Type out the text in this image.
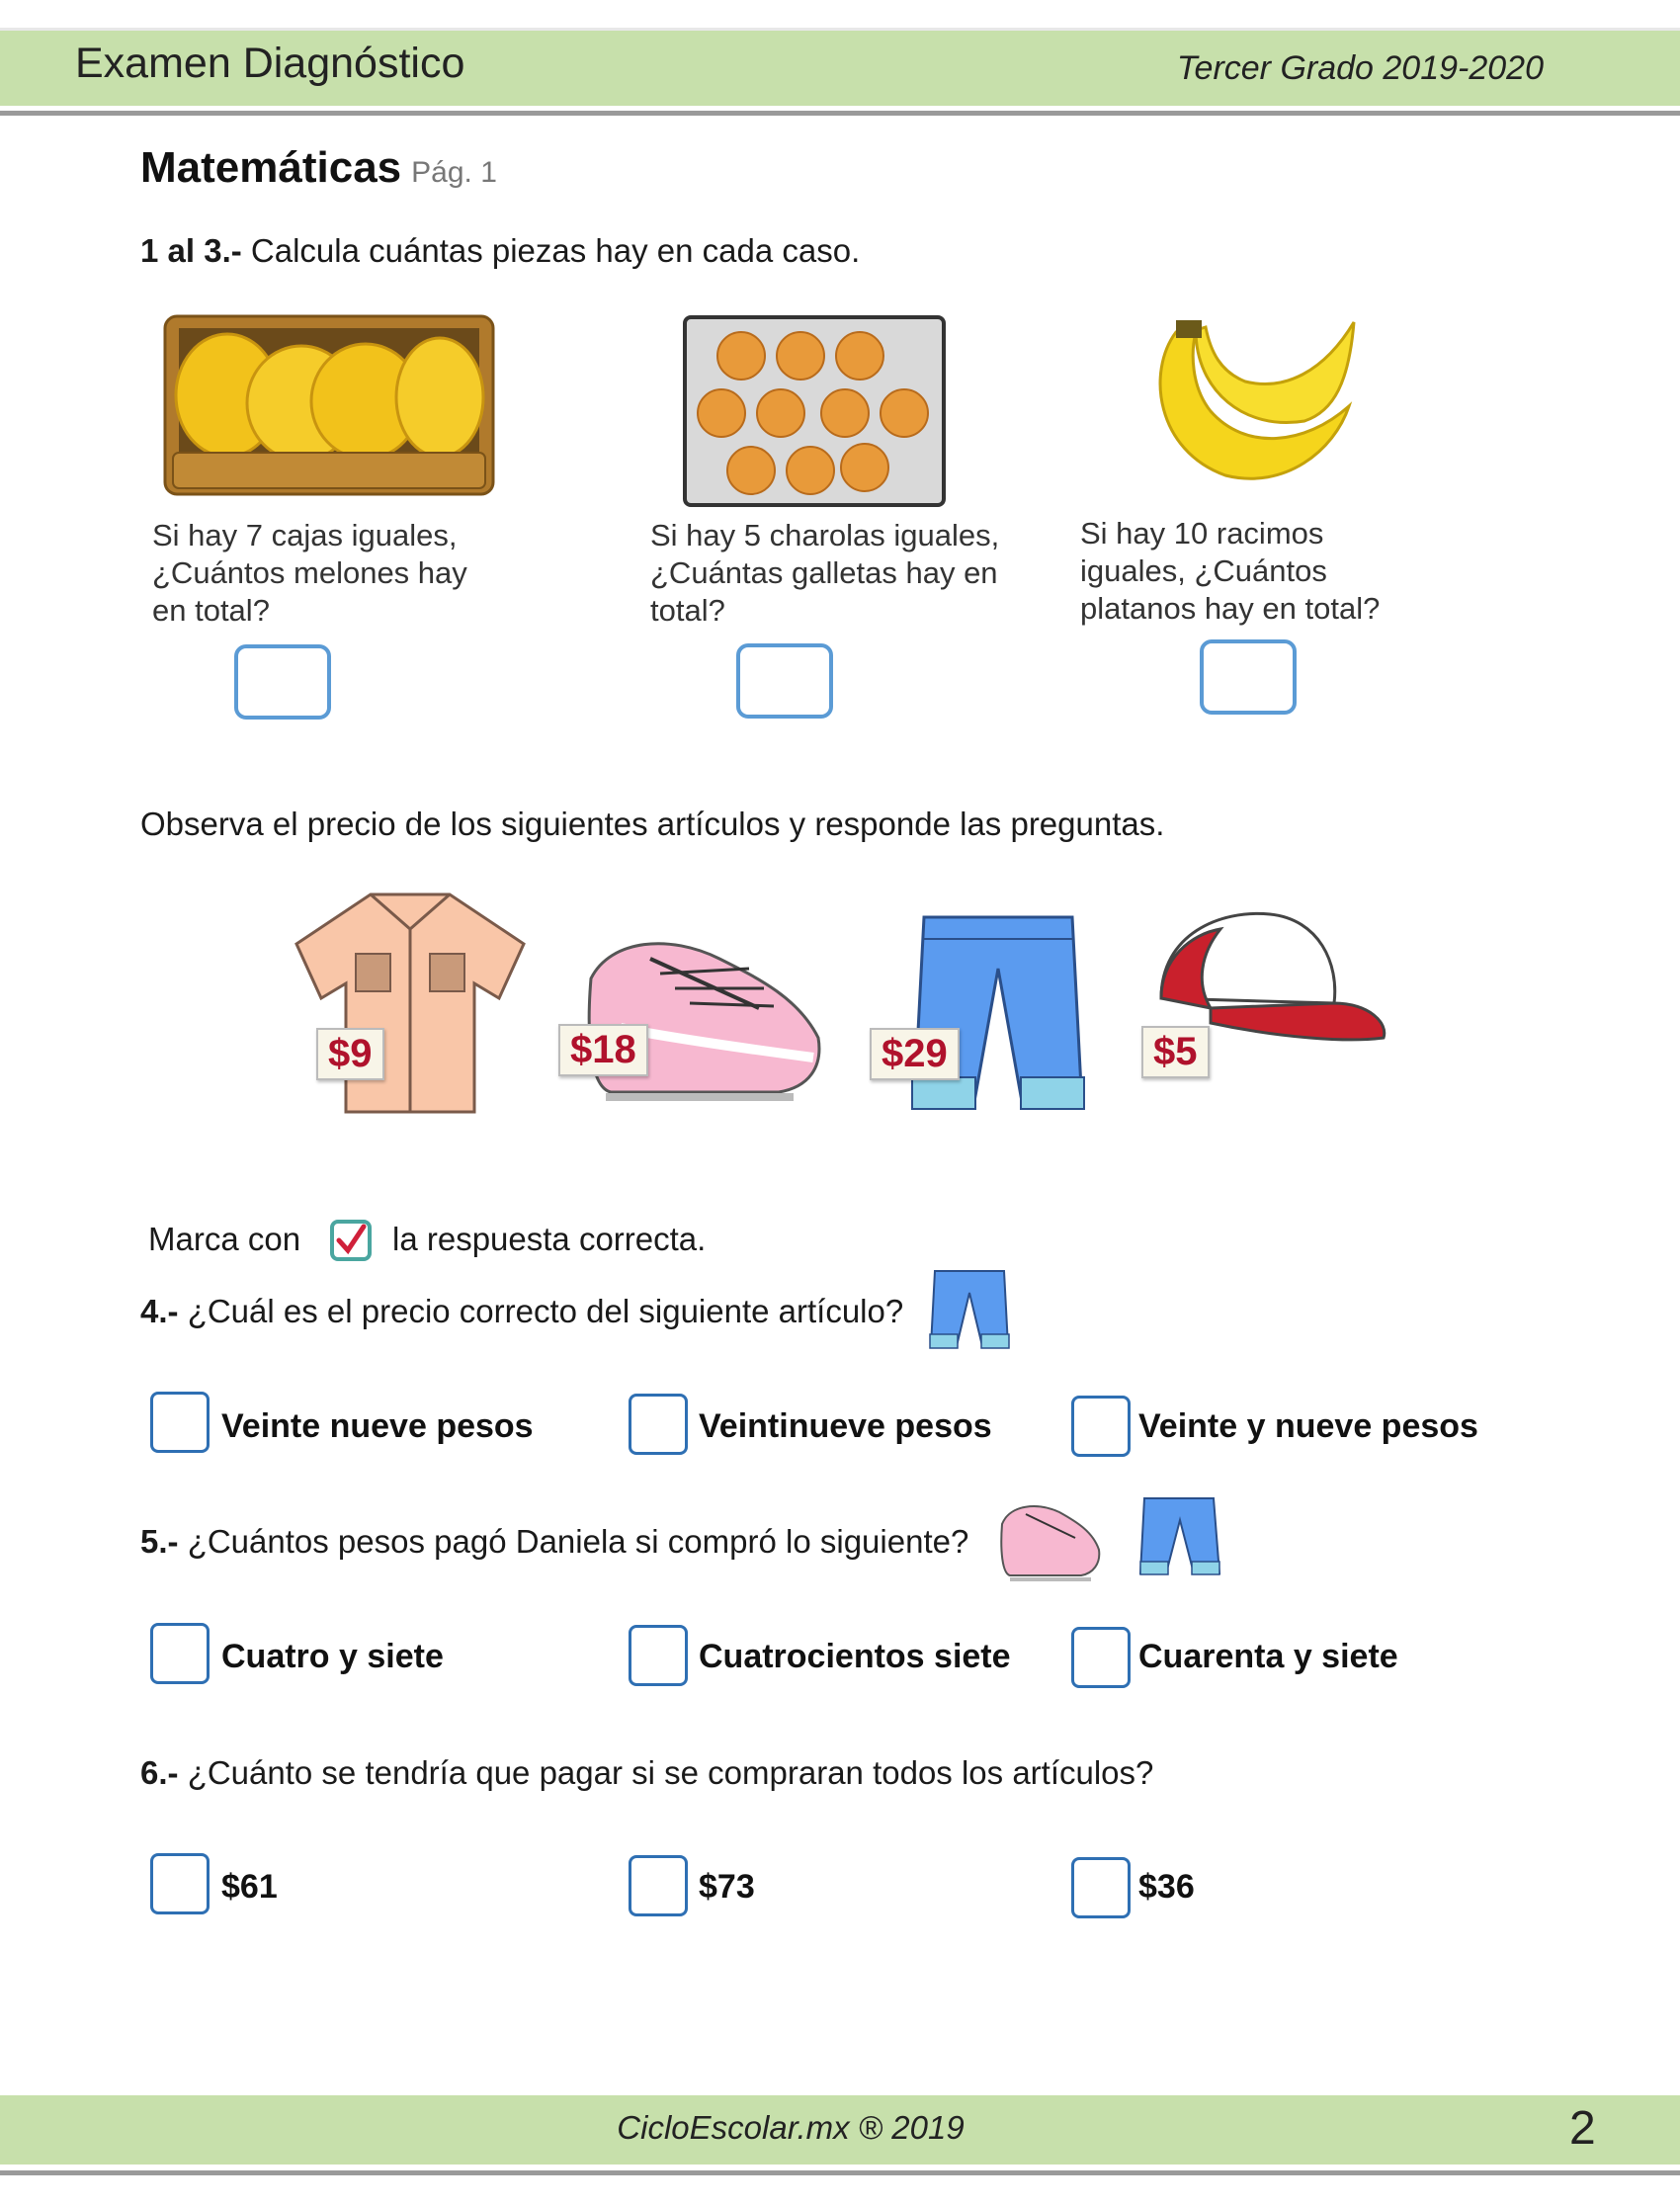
Examen Diagnóstico	Tercer Grado 2019-2020
Matemáticas Pág. 1
1 al 3.- Calcula cuántas piezas hay en cada caso.
Si hay 7 cajas iguales, ¿Cuántos melones hay en total?
Si hay 5 charolas iguales, ¿Cuántas galletas hay en total?
Si hay 10 racimos iguales, ¿Cuántos platanos hay en total?
Observa el precio de los siguientes artículos y responde las preguntas.
$9	$18	$29	$5
Marca con	la respuesta correcta.
4.- ¿Cuál es el precio correcto del siguiente artículo?
Veinte nueve pesos	Veintinueve pesos	Veinte y nueve pesos
5.- ¿Cuántos pesos pagó Daniela si compró lo siguiente?
Cuatro y siete	Cuatrocientos siete	Cuarenta y siete
6.- ¿Cuánto se tendría que pagar si se compraran todos los artículos?
$61	$73	$36
CicloEscolar.mx ® 2019	2
